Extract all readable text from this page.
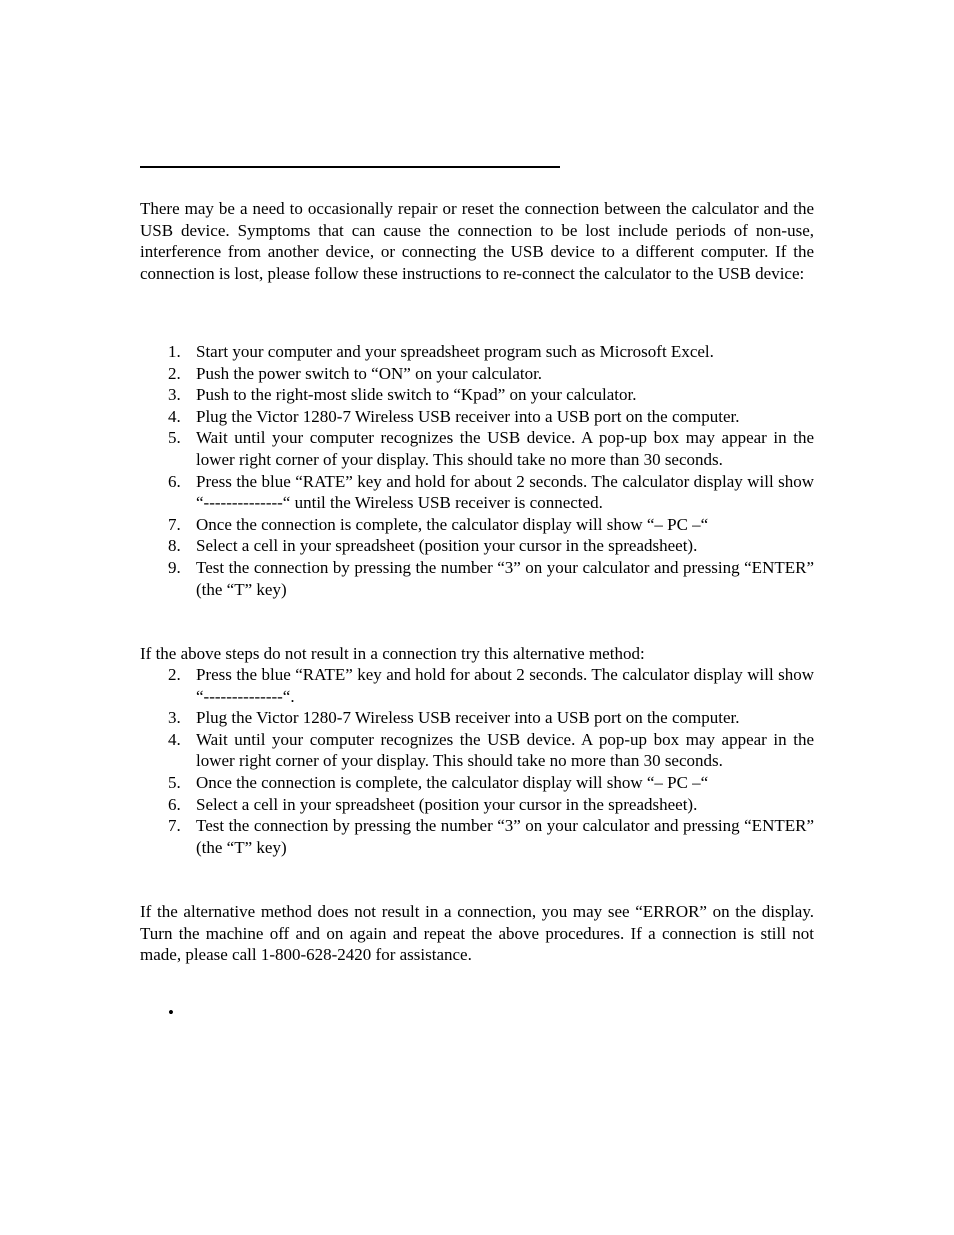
There may be a need to occasionally repair or reset the connection between the calculator and the USB device. Symptoms that can cause the connection to be lost include periods of non-use, interference from another device, or connecting the USB device to a different computer. If the connection is lost, please follow these instructions to re-connect the calculator to the USB device:
1. Start your computer and your spreadsheet program such as Microsoft Excel.
2. Push the power switch to “ON” on your calculator.
3. Push to the right-most slide switch to “Kpad” on your calculator.
4. Plug the Victor 1280-7 Wireless USB receiver into a USB port on the computer.
5. Wait until your computer recognizes the USB device. A pop-up box may appear in the lower right corner of your display. This should take no more than 30 seconds.
6. Press the blue “RATE” key and hold for about 2 seconds. The calculator display will show “--------------“ until the Wireless USB receiver is connected.
7. Once the connection is complete, the calculator display will show “– PC –“
8. Select a cell in your spreadsheet (position your cursor in the spreadsheet).
9. Test the connection by pressing the number “3” on your calculator and pressing “ENTER” (the “T” key)
If the above steps do not result in a connection try this alternative method:
2. Press the blue “RATE” key and hold for about 2 seconds. The calculator display will show “--------------“.
3. Plug the Victor 1280-7 Wireless USB receiver into a USB port on the computer.
4. Wait until your computer recognizes the USB device. A pop-up box may appear in the lower right corner of your display. This should take no more than 30 seconds.
5. Once the connection is complete, the calculator display will show “– PC –“
6. Select a cell in your spreadsheet (position your cursor in the spreadsheet).
7. Test the connection by pressing the number “3” on your calculator and pressing “ENTER” (the “T” key)
If the alternative method does not result in a connection, you may see “ERROR” on the display. Turn the machine off and on again and repeat the above procedures. If a connection is still not made, please call 1-800-628-2420 for assistance.
•
